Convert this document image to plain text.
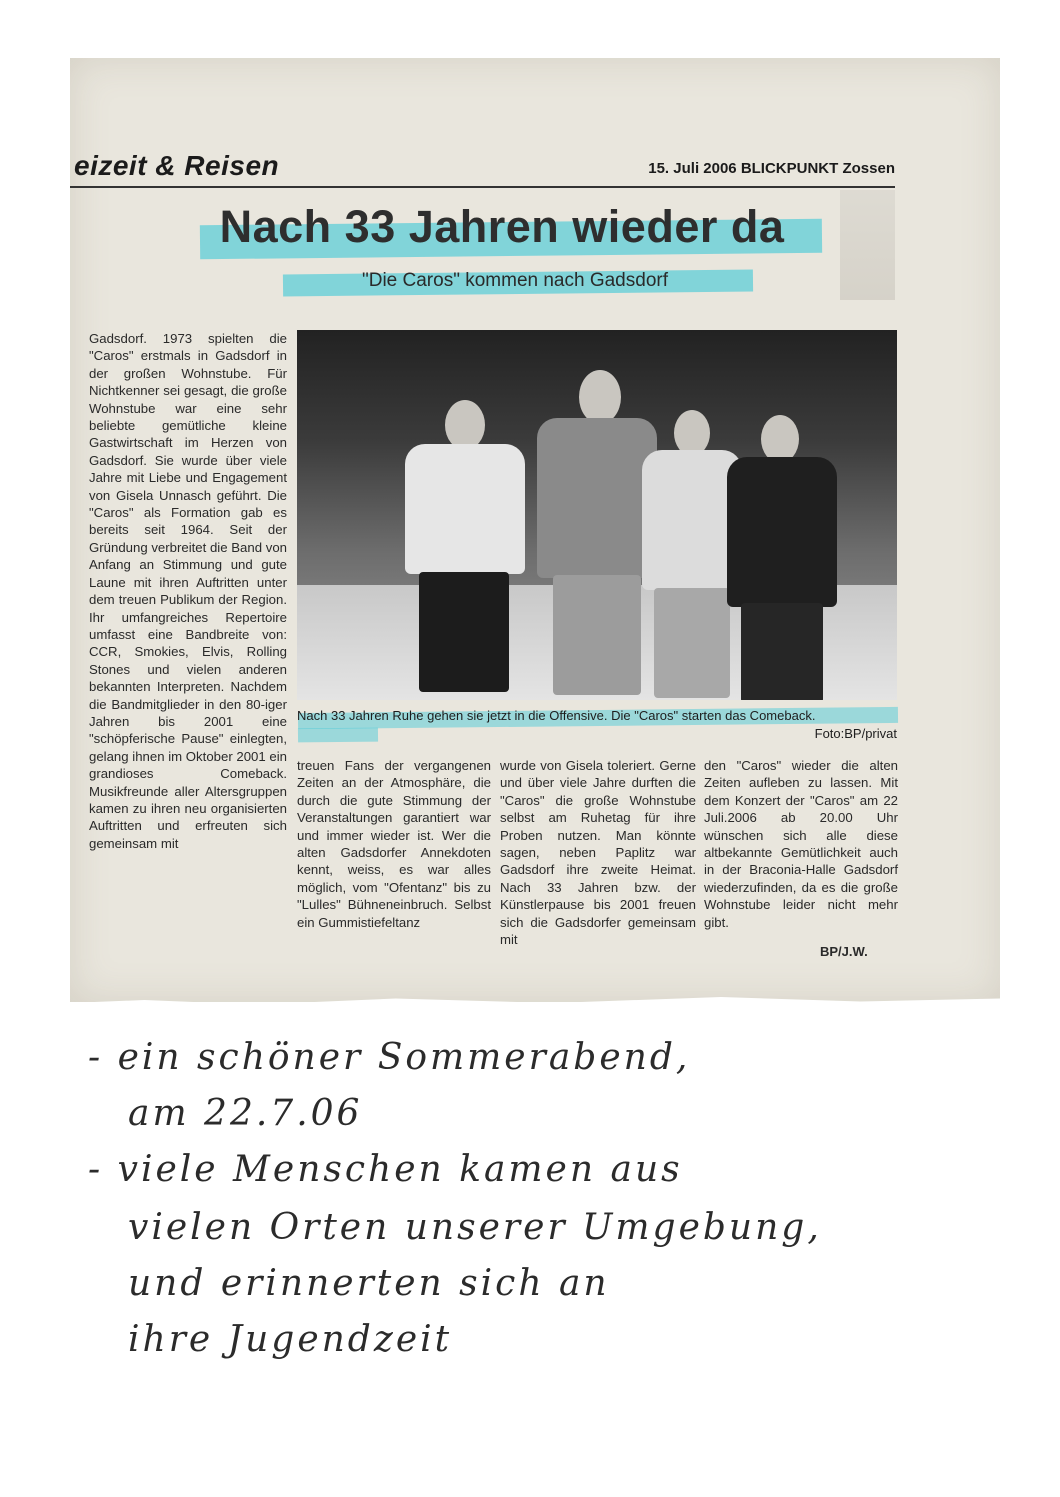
eizeit & Reisen	15. Juli 2006 BLICKPUNKT Zossen
Nach 33 Jahren wieder da
"Die Caros" kommen nach Gadsdorf
Gadsdorf. 1973 spielten die "Caros" erstmals in Gadsdorf in der großen Wohnstube. Für Nichtkenner sei gesagt, die große Wohnstube war eine sehr beliebte gemütliche kleine Gastwirtschaft im Herzen von Gadsdorf. Sie wurde über viele Jahre mit Liebe und Engagement von Gisela Unnasch geführt. Die "Caros" als Formation gab es bereits seit 1964. Seit der Gründung verbreitet die Band von Anfang an Stimmung und gute Laune mit ihren Auftritten unter dem treuen Publikum der Region. Ihr umfangreiches Repertoire umfasst eine Bandbreite von: CCR, Smokies, Elvis, Rolling Stones und vielen anderen bekannten Interpreten. Nachdem die Bandmitglieder in den 80-iger Jahren bis 2001 eine "schöpferische Pause" einlegten, gelang ihnen im Oktober 2001 ein grandioses Comeback. Musikfreunde aller Altersgruppen kamen zu ihren neu organisierten Auftritten und erfreuten sich gemeinsam mit
Nach 33 Jahren Ruhe gehen sie jetzt in die Offensive. Die "Caros" starten das Comeback.
Foto:BP/privat
treuen Fans der vergangenen Zeiten an der Atmosphäre, die durch die gute Stimmung der Veranstaltungen garantiert war und immer wieder ist. Wer die alten Gadsdorfer Annekdoten kennt, weiss, es war alles möglich, vom "Ofentanz" bis zu "Lulles" Bühneneinbruch. Selbst ein Gummistiefeltanz
wurde von Gisela toleriert. Gerne und über viele Jahre durften die "Caros" die große Wohnstube selbst am Ruhetag für ihre Proben nutzen. Man könnte sagen, neben Paplitz war Gadsdorf ihre zweite Heimat. Nach 33 Jahren bzw. der Künstlerpause bis 2001 freuen sich die Gadsdorfer gemeinsam mit
den "Caros" wieder die alten Zeiten aufleben zu lassen. Mit dem Konzert der "Caros" am 22 Juli.2006 ab 20.00 Uhr wünschen sich alle diese altbekannte Gemütlichkeit auch in der Braconia-Halle Gadsdorf wiederzufinden, da es die große Wohnstube leider nicht mehr gibt.
BP/J.W.
- ein schöner Sommerabend,
am 22.7.06
- viele Menschen kamen aus
vielen Orten unserer Umgebung,
und erinnerten sich an
ihre Jugendzeit
